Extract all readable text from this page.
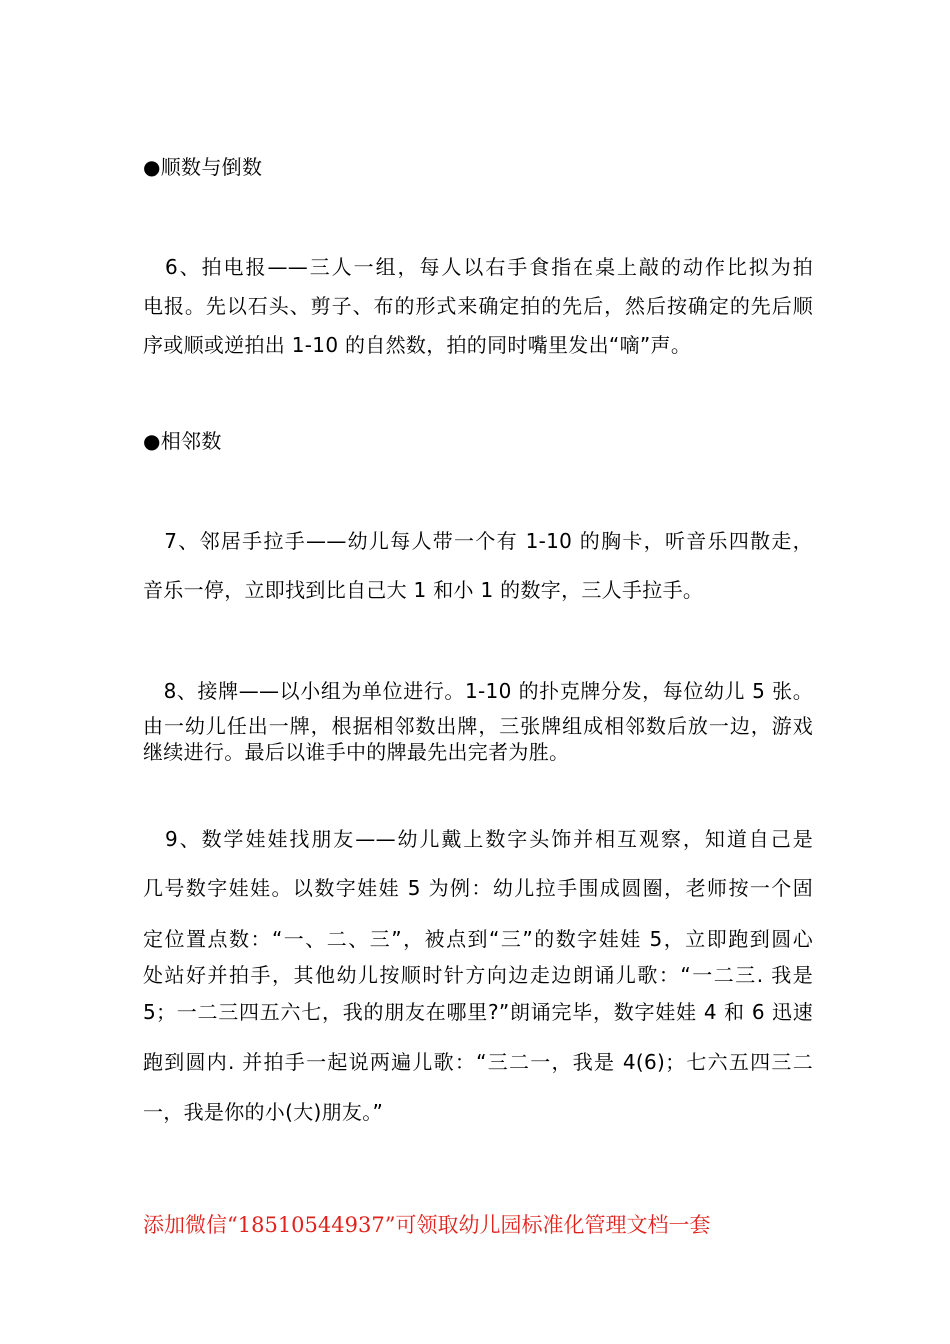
●顺数与倒数
　6、拍电报——三人一组，每人以右手食指在桌上敲的动作比拟为拍
电报。先以石头、剪子、布的形式来确定拍的先后，然后按确定的先后顺
序或顺或逆拍出 1-10 的自然数，拍的同时嘴里发出“嘀”声。
●相邻数
　7、邻居手拉手——幼儿每人带一个有 1-10 的胸卡，听音乐四散走，
音乐一停，立即找到比自己大 1 和小 1 的数字，三人手拉手。
　8、接牌——以小组为单位进行。1-10 的扑克牌分发，每位幼儿 5 张。
由一幼儿任出一牌，根据相邻数出牌，三张牌组成相邻数后放一边，游戏
继续进行。最后以谁手中的牌最先出完者为胜。
　9、数学娃娃找朋友——幼儿戴上数字头饰并相互观察，知道自己是
几号数字娃娃。以数字娃娃 5 为例：幼儿拉手围成圆圈，老师按一个固
定位置点数：“一、二、三”，被点到“三”的数字娃娃 5，立即跑到圆心
处站好并拍手，其他幼儿按顺时针方向边走边朗诵儿歌：“一二三. 我是
5；一二三四五六七，我的朋友在哪里?”朗诵完毕，数字娃娃 4 和 6 迅速
跑到圆内. 并拍手一起说两遍儿歌：“三二一，我是 4(6)；七六五四三二
一，我是你的小(大)朋友。”
添加微信“18510544937”可领取幼儿园标准化管理文档一套
